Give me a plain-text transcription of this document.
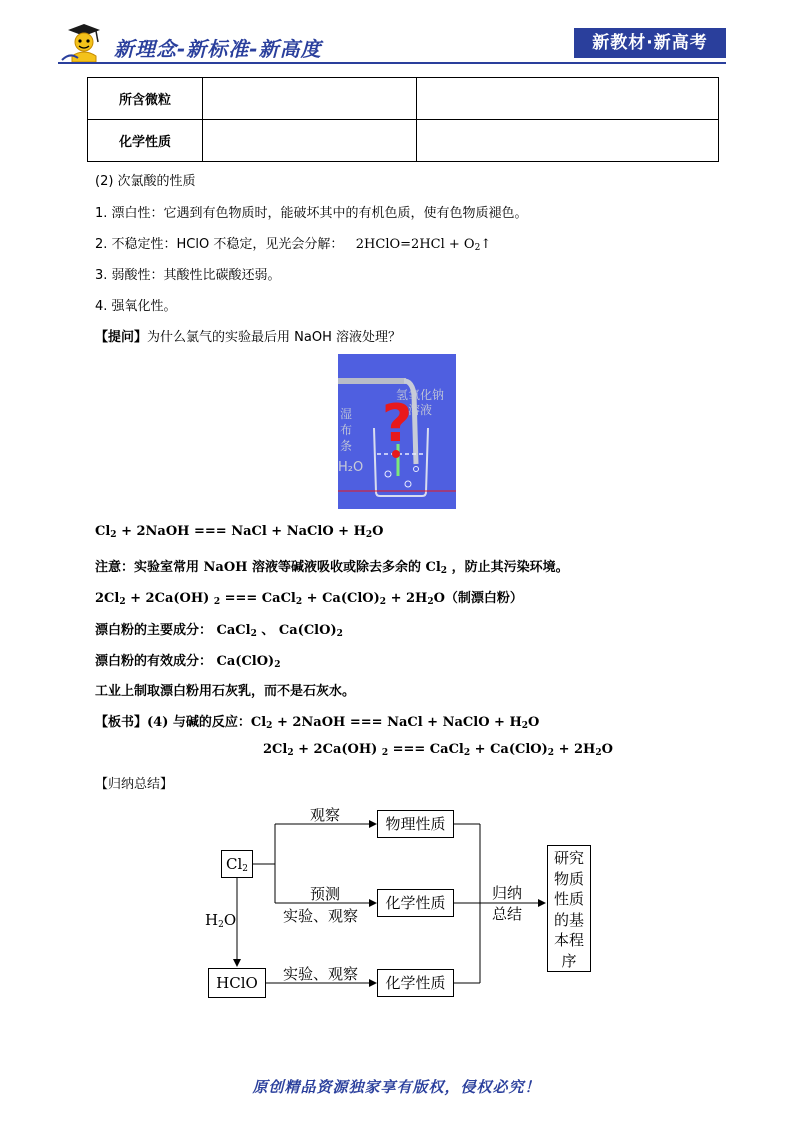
新理念-新标准-新高度	新教材·新高考
所含微粒		
化学性质		
(2) 次氯酸的性质
1. 漂白性：它遇到有色物质时，能破坏其中的有机色质，使有色物质褪色。
2. 不稳定性：HClO 不稳定，见光会分解： 2HClO=2HCl + $O_2↑$
3. 弱酸性：其酸性比碳酸还弱。
4. 强氧化性。
【提问】为什么氯气的实验最后用 NaOH 溶液处理？
?
氢氧化钠
溶液
湿
布
条
H₂O
$Cl_2$ + 2NaOH === NaCl + NaClO + $H_2O$
注意：实验室常用 NaOH 溶液等碱液吸收或除去多余的 $Cl_2$ ，防止其污染环境。
$2Cl_2 + 2Ca(OH)$ $_2$ === CaCl$_2$ + $Ca(ClO)_2 + 2H_2O$（制漂白粉）
漂白粉的主要成分： CaCl$_2$ 、 $Ca(ClO)_2$
漂白粉的有效成分： $Ca(ClO)_2$
工业上制取漂白粉用石灰乳，而不是石灰水。
【板书】(4) 与碱的反应：$Cl_2$ + 2NaOH === NaCl + NaClO + $H_2O$
$2Cl_2 + 2Ca(OH)$ $_2$ === CaCl$_2$ + $Ca(ClO)_2 + 2H_2O$
【归纳总结】
$Cl_2$
HClO
$H_2O$
观察
预测
实验、观察
实验、观察
物理性质
化学性质
化学性质
归纳
总结
研究
物质
性质
的基
本程
序
原创精品资源独家享有版权，侵权必究！
